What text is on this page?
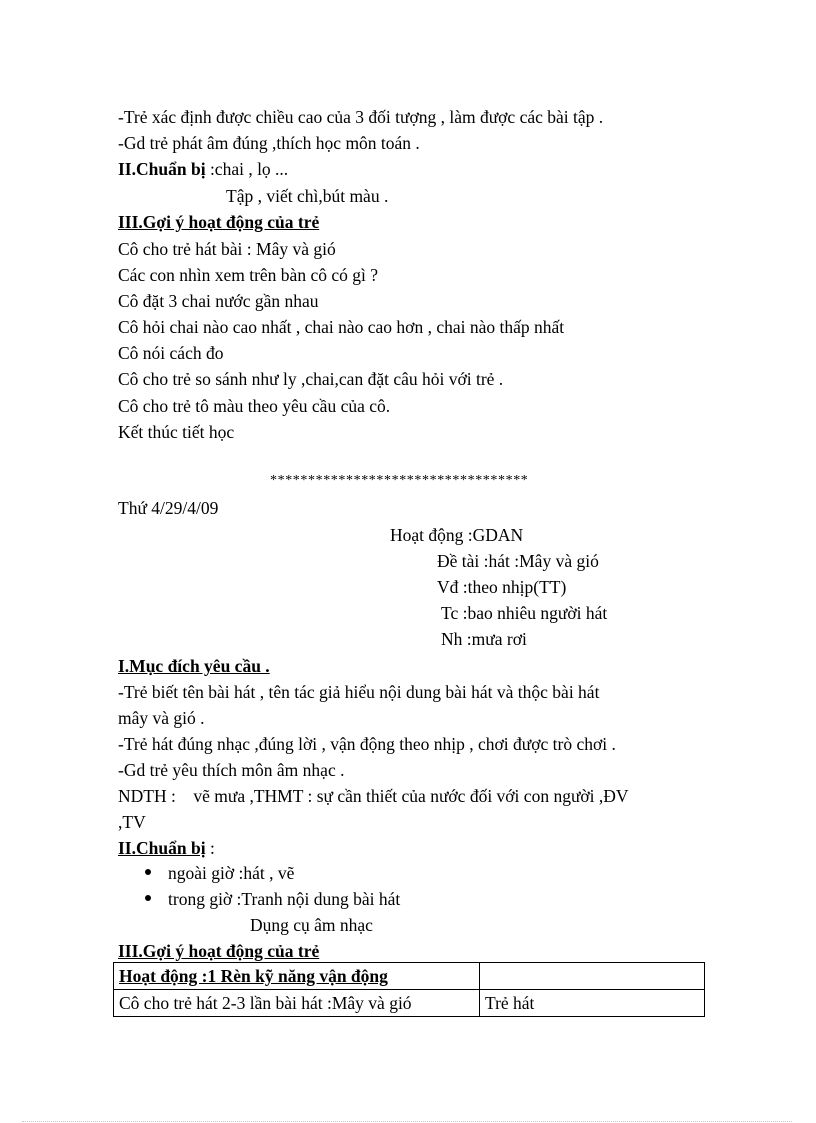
-Trẻ xác định được chiều cao của 3 đối tượng , làm được các bài tập .
-Gd trẻ phát âm đúng ,thích học môn toán .
II.Chuẩn bị :chai , lọ ...
Tập , viết chì,bút màu .
III.Gợi ý hoạt động của trẻ
Cô cho trẻ hát bài : Mây và gió
Các con nhìn xem trên bàn cô có gì ?
Cô đặt 3 chai nước gần nhau
Cô hỏi chai nào cao nhất , chai nào cao hơn , chai nào thấp nhất
Cô nói cách đo
Cô cho trẻ so sánh như ly ,chai,can đặt câu hỏi với trẻ .
Cô cho trẻ tô màu theo yêu cầu của cô.
Kết thúc tiết học
**********************************
Thứ 4/29/4/09
Hoạt động :GDAN
Đề tài :hát :Mây và gió
Vđ :theo nhịp(TT)
Tc :bao nhiêu người hát
Nh :mưa rơi
I.Mục đích yêu cầu .
-Trẻ biết tên bài hát , tên tác giả hiểu nội dung bài hát và thộc bài hát
mây và gió .
-Trẻ hát đúng nhạc ,đúng lời , vận động theo nhịp , chơi được trò chơi .
-Gd trẻ yêu thích môn âm nhạc .
NDTH :    vẽ mưa ,THMT : sự cần thiết của nước đối với con người ,ĐV
,TV
II.Chuẩn bị :
ngoài giờ :hát , vẽ
trong giờ :Tranh nội dung bài hát
Dụng cụ âm nhạc
III.Gợi ý hoạt động của trẻ
Hoạt động :1 Rèn kỹ năng vận động	
Cô cho trẻ hát 2-3 lần bài hát :Mây và gió	Trẻ hát
